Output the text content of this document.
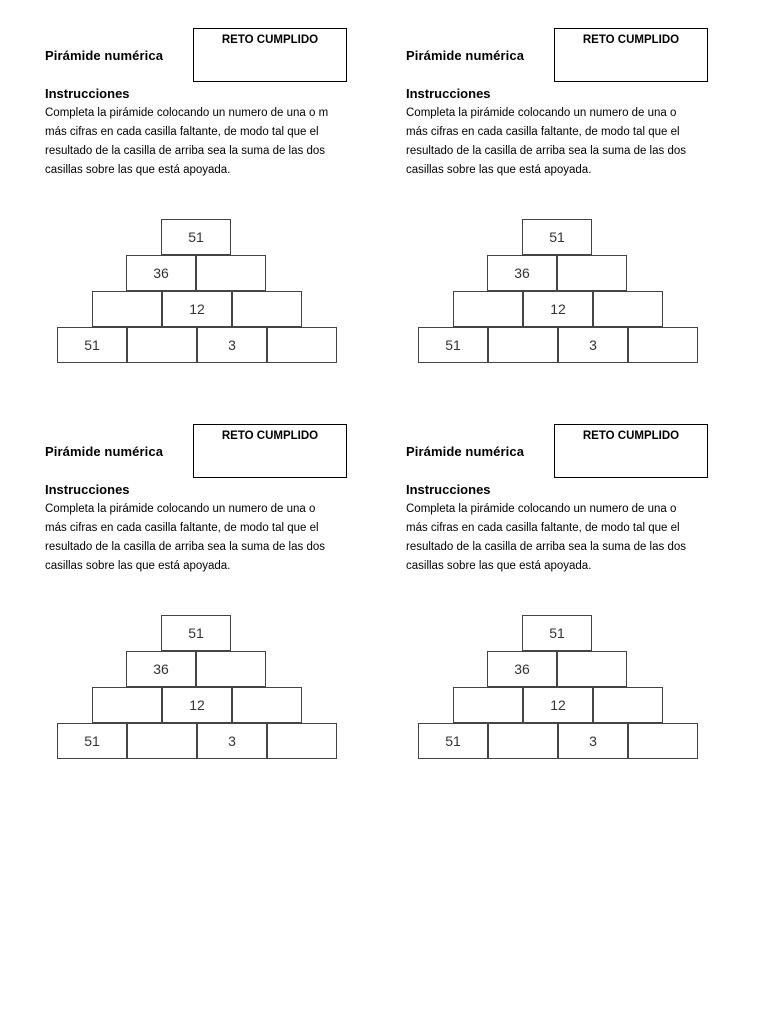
Pirámide numérica
RETO CUMPLIDO
Instrucciones
Completa la pirámide colocando un numero de una o m
más cifras en cada casilla faltante, de modo tal que el
resultado de la casilla de arriba sea la suma de las dos
casillas sobre las que está apoyada.
51
36
12
51	3
Pirámide numérica
RETO CUMPLIDO
Instrucciones
Completa la pirámide colocando un numero de una o
más cifras en cada casilla faltante, de modo tal que el
resultado de la casilla de arriba sea la suma de las dos
casillas sobre las que está apoyada.
51
36
12
51	3
Pirámide numérica
RETO CUMPLIDO
Instrucciones
Completa la pirámide colocando un numero de una o
más cifras en cada casilla faltante, de modo tal que el
resultado de la casilla de arriba sea la suma de las dos
casillas sobre las que está apoyada.
51
36
12
51	3
Pirámide numérica
RETO CUMPLIDO
Instrucciones
Completa la pirámide colocando un numero de una o
más cifras en cada casilla faltante, de modo tal que el
resultado de la casilla de arriba sea la suma de las dos
casillas sobre las que está apoyada.
51
36
12
51	3
